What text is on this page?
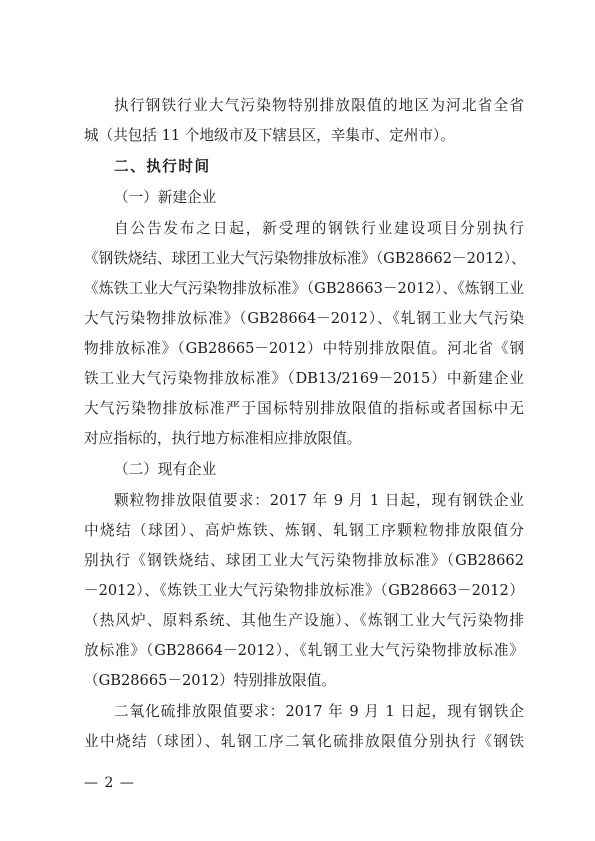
执行钢铁行业大气污染物特别排放限值的地区为河北省全省
城（共包括 11 个地级市及下辖县区，辛集市、定州市）。
二、执行时间
（一）新建企业
自公告发布之日起，新受理的钢铁行业建设项目分别执行
《钢铁烧结、球团工业大气污染物排放标准》（GB28662－2012）、
《炼铁工业大气污染物排放标准》（GB28663－2012）、《炼钢工业
大气污染物排放标准》（GB28664－2012）、《轧钢工业大气污染
物排放标准》（GB28665－2012）中特别排放限值。河北省《钢
铁工业大气污染物排放标准》（DB13/2169－2015）中新建企业
大气污染物排放标准严于国标特别排放限值的指标或者国标中无
对应指标的，执行地方标准相应排放限值。
（二）现有企业
颗粒物排放限值要求：2017 年 9 月 1 日起，现有钢铁企业
中烧结（球团）、高炉炼铁、炼钢、轧钢工序颗粒物排放限值分
别执行《钢铁烧结、球团工业大气污染物排放标准》（GB28662
－2012）、《炼铁工业大气污染物排放标准》（GB28663－2012）
（热风炉、原料系统、其他生产设施）、《炼钢工业大气污染物排
放标准》（GB28664－2012）、《轧钢工业大气污染物排放标准》
（GB28665－2012）特别排放限值。
二氧化硫排放限值要求：2017 年 9 月 1 日起，现有钢铁企
业中烧结（球团）、轧钢工序二氧化硫排放限值分别执行《钢铁
— 2 —
